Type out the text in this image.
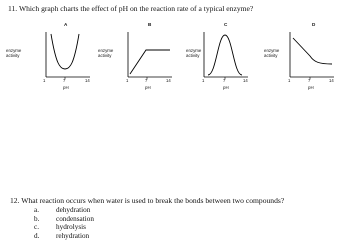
11. Which graph charts the effect of pH on the reaction rate of a typical enzyme?
A
enzyme
activity
1	7	14
pH
B
enzyme
activity
1	7	14
pH
C
enzyme
activity
1	7	14
pH
D
enzyme
activity
1	7	14
pH
12. What reaction occurs when water is used to break the bonds between two compounds?
a.	dehydration
b.	condensation
c.	hydrolysis
d.	rehydration
